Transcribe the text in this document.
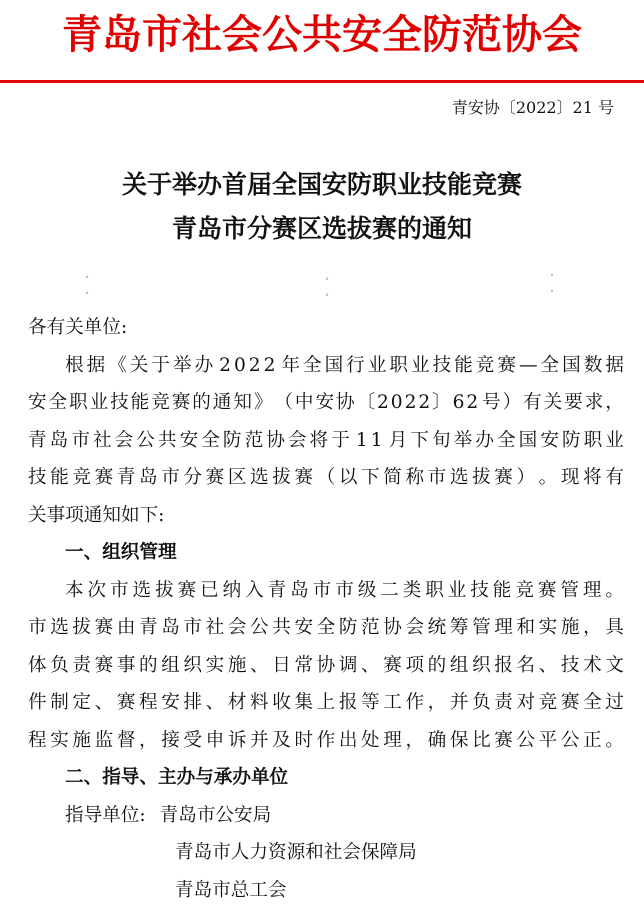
青岛市社会公共安全防范协会
青安协〔2022〕21 号
关于举办首届全国安防职业技能竞赛
青岛市分赛区选拔赛的通知
•
•
•
•
•
•
各有关单位:
根 据 《 关 于 举 办 2 0 2 2 年 全 国 行 业 职 业 技 能 竞 赛 — 全 国 数 据
安 全 职 业 技 能 竞 赛 的 通 知 》 （ 中 安 协 〔 2 0 2 2 〕 6 2 号 ） 有 关 要 求 ，
青 岛 市 社 会 公 共 安 全 防 范 协 会 将 于 1 1 月 下 旬 举 办 全 国 安 防 职 业
技 能 竞 赛 青 岛 市 分 赛 区 选 拔 赛 （ 以 下 简 称 市 选 拔 赛 ） 。 现 将 有
关事项通知如下:
一、组织管理
本 次 市 选 拔 赛 已 纳 入 青 岛 市 市 级 二 类 职 业 技 能 竞 赛 管 理 。
市 选 拔 赛 由 青 岛 市 社 会 公 共 安 全 防 范 协 会 统 筹 管 理 和 实 施 ， 具
体 负 责 赛 事 的 组 织 实 施 、 日 常 协 调 、 赛 项 的 组 织 报 名 、 技 术 文
件 制 定 、 赛 程 安 排 、 材 料 收 集 上 报 等 工 作 ， 并 负 责 对 竞 赛 全 过
程 实 施 监 督 ， 接 受 申 诉 并 及 时 作 出 处 理 ， 确 保 比 赛 公 平 公 正 。
二、指导、主办与承办单位
指导单位: 青岛市公安局
青岛市人力资源和社会保障局
青岛市总工会
